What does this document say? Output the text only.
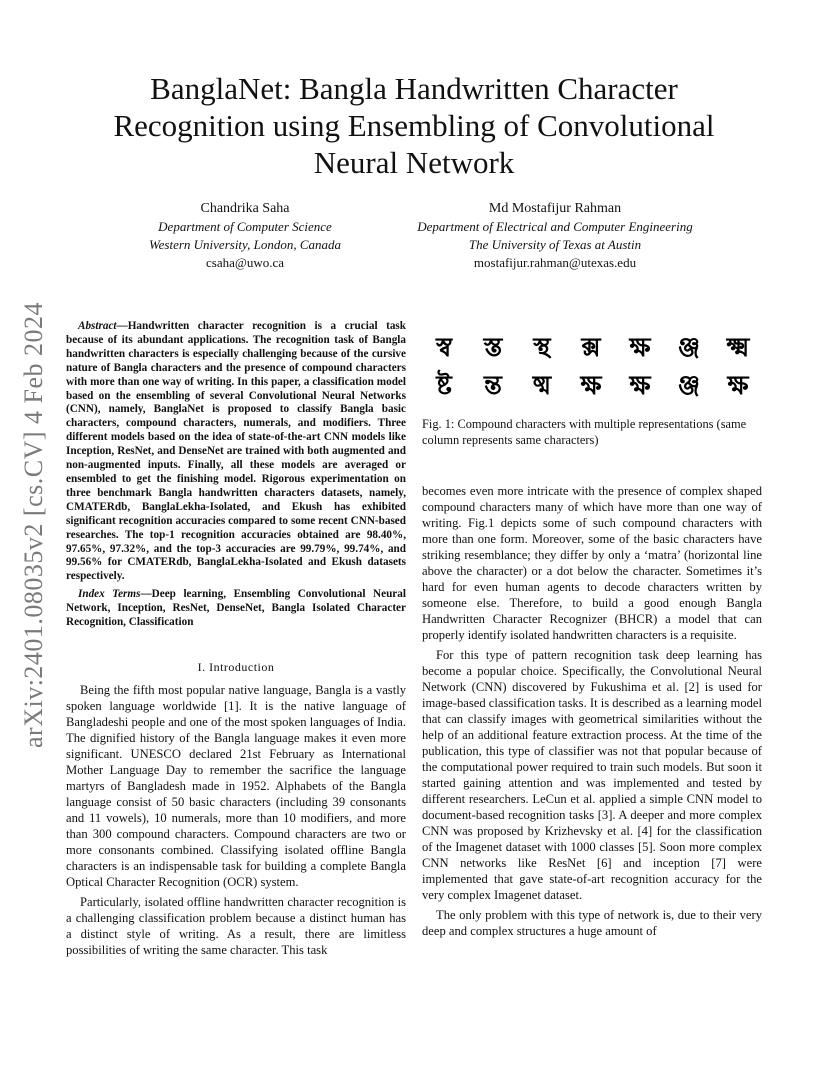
arXiv:2401.08035v2 [cs.CV] 4 Feb 2024
BanglaNet: Bangla Handwritten Character
Recognition using Ensembling of Convolutional
Neural Network
Chandrika Saha
Department of Computer Science
Western University, London, Canada
csaha@uwo.ca
Md Mostafijur Rahman
Department of Electrical and Computer Engineering
The University of Texas at Austin
mostafijur.rahman@utexas.edu

Abstract—Handwritten character recognition is a crucial task because of its abundant applications. The recognition task of Bangla handwritten characters is especially challenging because of the cursive nature of Bangla characters and the presence of compound characters with more than one way of writing. In this paper, a classification model based on the ensembling of several Convolutional Neural Networks (CNN), namely, BanglaNet is proposed to classify Bangla basic characters, compound characters, numerals, and modifiers. Three different models based on the idea of state-of-the-art CNN models like Inception, ResNet, and DenseNet are trained with both augmented and non-augmented inputs. Finally, all these models are averaged or ensembled to get the finishing model. Rigorous experimentation on three benchmark Bangla handwritten characters datasets, namely, CMATERdb, BanglaLekha-Isolated, and Ekush has exhibited significant recognition accuracies compared to some recent CNN-based researches. The top-1 recognition accuracies obtained are 98.40%, 97.65%, 97.32%, and the top-3 accuracies are 99.79%, 99.74%, and 99.56% for CMATERdb, BanglaLekha-Isolated and Ekush datasets respectively.

Index Terms—Deep learning, Ensembling Convolutional Neural Network, Inception, ResNet, DenseNet, Bangla Isolated Character Recognition, Classification

I. Introduction

Being the fifth most popular native language, Bangla is a vastly spoken language worldwide [1]. It is the native language of Bangladeshi people and one of the most spoken languages of India. The dignified history of the Bangla language makes it even more significant. UNESCO declared 21st February as International Mother Language Day to remember the sacrifice the language martyrs of Bangladesh made in 1952. Alphabets of the Bangla language consist of 50 basic characters (including 39 consonants and 11 vowels), 10 numerals, more than 10 modifiers, and more than 300 compound characters. Compound characters are two or more consonants combined. Classifying isolated offline Bangla characters is an indispensable task for building a complete Bangla Optical Character Recognition (OCR) system.

Particularly, isolated offline handwritten character recognition is a challenging classification problem because a distinct human has a distinct style of writing. As a result, there are limitless possibilities of writing the same character. This task

স্ব স্ত স্থ ক্স ক্ষ ঞ্জ ক্ষ্ম
ষ্ট ন্ত ষ্ম ক্ষ ক্ষ ঞ্জ ক্ষ
Fig. 1: Compound characters with multiple representations (same column represents same characters)

becomes even more intricate with the presence of complex shaped compound characters many of which have more than one way of writing. Fig.1 depicts some of such compound characters with more than one form. Moreover, some of the basic characters have striking resemblance; they differ by only a ‘matra’ (horizontal line above the character) or a dot below the character. Sometimes it’s hard for even human agents to decode characters written by someone else. Therefore, to build a good enough Bangla Handwritten Character Recognizer (BHCR) a model that can properly identify isolated handwritten characters is a requisite.

For this type of pattern recognition task deep learning has become a popular choice. Specifically, the Convolutional Neural Network (CNN) discovered by Fukushima et al. [2] is used for image-based classification tasks. It is described as a learning model that can classify images with geometrical similarities without the help of an additional feature extraction process. At the time of the publication, this type of classifier was not that popular because of the computational power required to train such models. But soon it started gaining attention and was implemented and tested by different researchers. LeCun et al. applied a simple CNN model to document-based recognition tasks [3]. A deeper and more complex CNN was proposed by Krizhevsky et al. [4] for the classification of the Imagenet dataset with 1000 classes [5]. Soon more complex CNN networks like ResNet [6] and inception [7] were implemented that gave state-of-art recognition accuracy for the very complex Imagenet dataset.

The only problem with this type of network is, due to their very deep and complex structures a huge amount of
